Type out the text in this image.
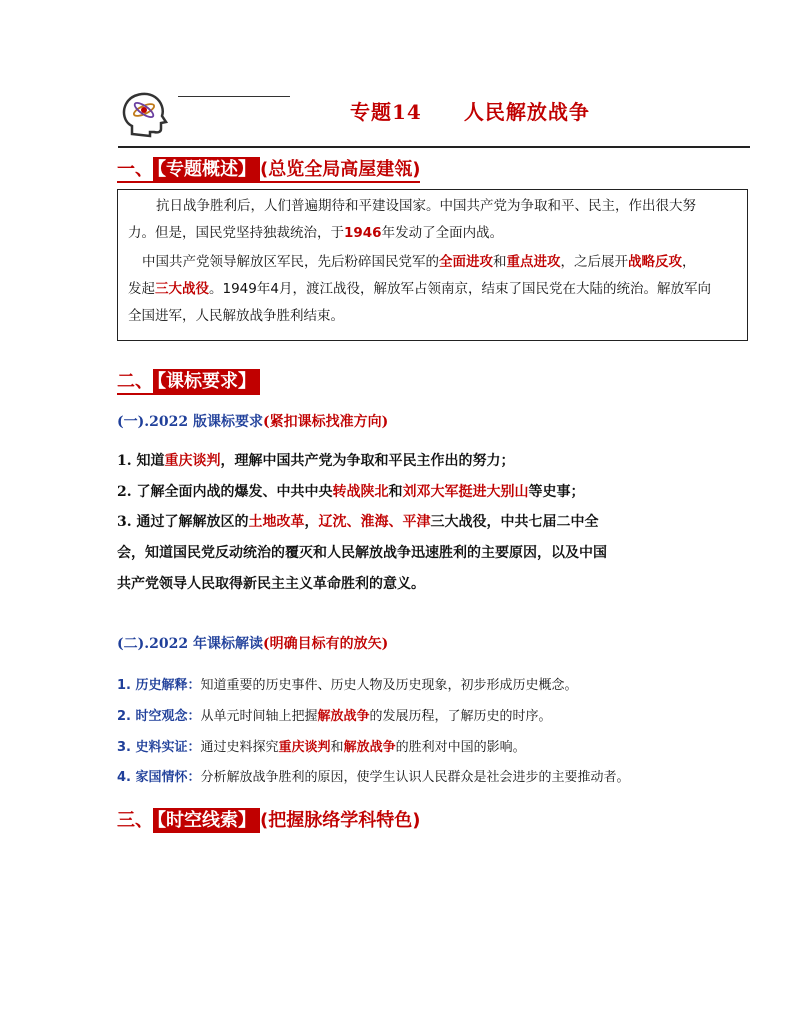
专题14　　人民解放战争
一、 【专题概述】 (总览全局高屋建瓴)
抗日战争胜利后，人们普遍期待和平建设国家。中国共产党为争取和平、民主，作出很大努
力。但是，国民党坚持独裁统治，于1946年发动了全面内战。
中国共产党领导解放区军民，先后粉碎国民党军的全面进攻和重点进攻，之后展开战略反攻，
发起三大战役。1949年4月，渡江战役，解放军占领南京，结束了国民党在大陆的统治。解放军向
全国进军，人民解放战争胜利结束。
二、 【课标要求】
(一).2022 版课标要求(紧扣课标找准方向)
1. 知道重庆谈判，理解中国共产党为争取和平民主作出的努力；
2. 了解全面内战的爆发、中共中央转战陕北和刘邓大军挺进大别山等史事；
3. 通过了解解放区的土地改革，辽沈、淮海、平津三大战役，中共七届二中全
会，知道国民党反动统治的覆灭和人民解放战争迅速胜利的主要原因，以及中国
共产党领导人民取得新民主主义革命胜利的意义。
(二).2022 年课标解读(明确目标有的放矢)
1. 历史解释：知道重要的历史事件、历史人物及历史现象，初步形成历史概念。
2. 时空观念：从单元时间轴上把握解放战争的发展历程，了解历史的时序。
3. 史料实证：通过史料探究重庆谈判和解放战争的胜利对中国的影响。
4. 家国情怀：分析解放战争胜利的原因，使学生认识人民群众是社会进步的主要推动者。
三、 【时空线索】 (把握脉络学科特色)
